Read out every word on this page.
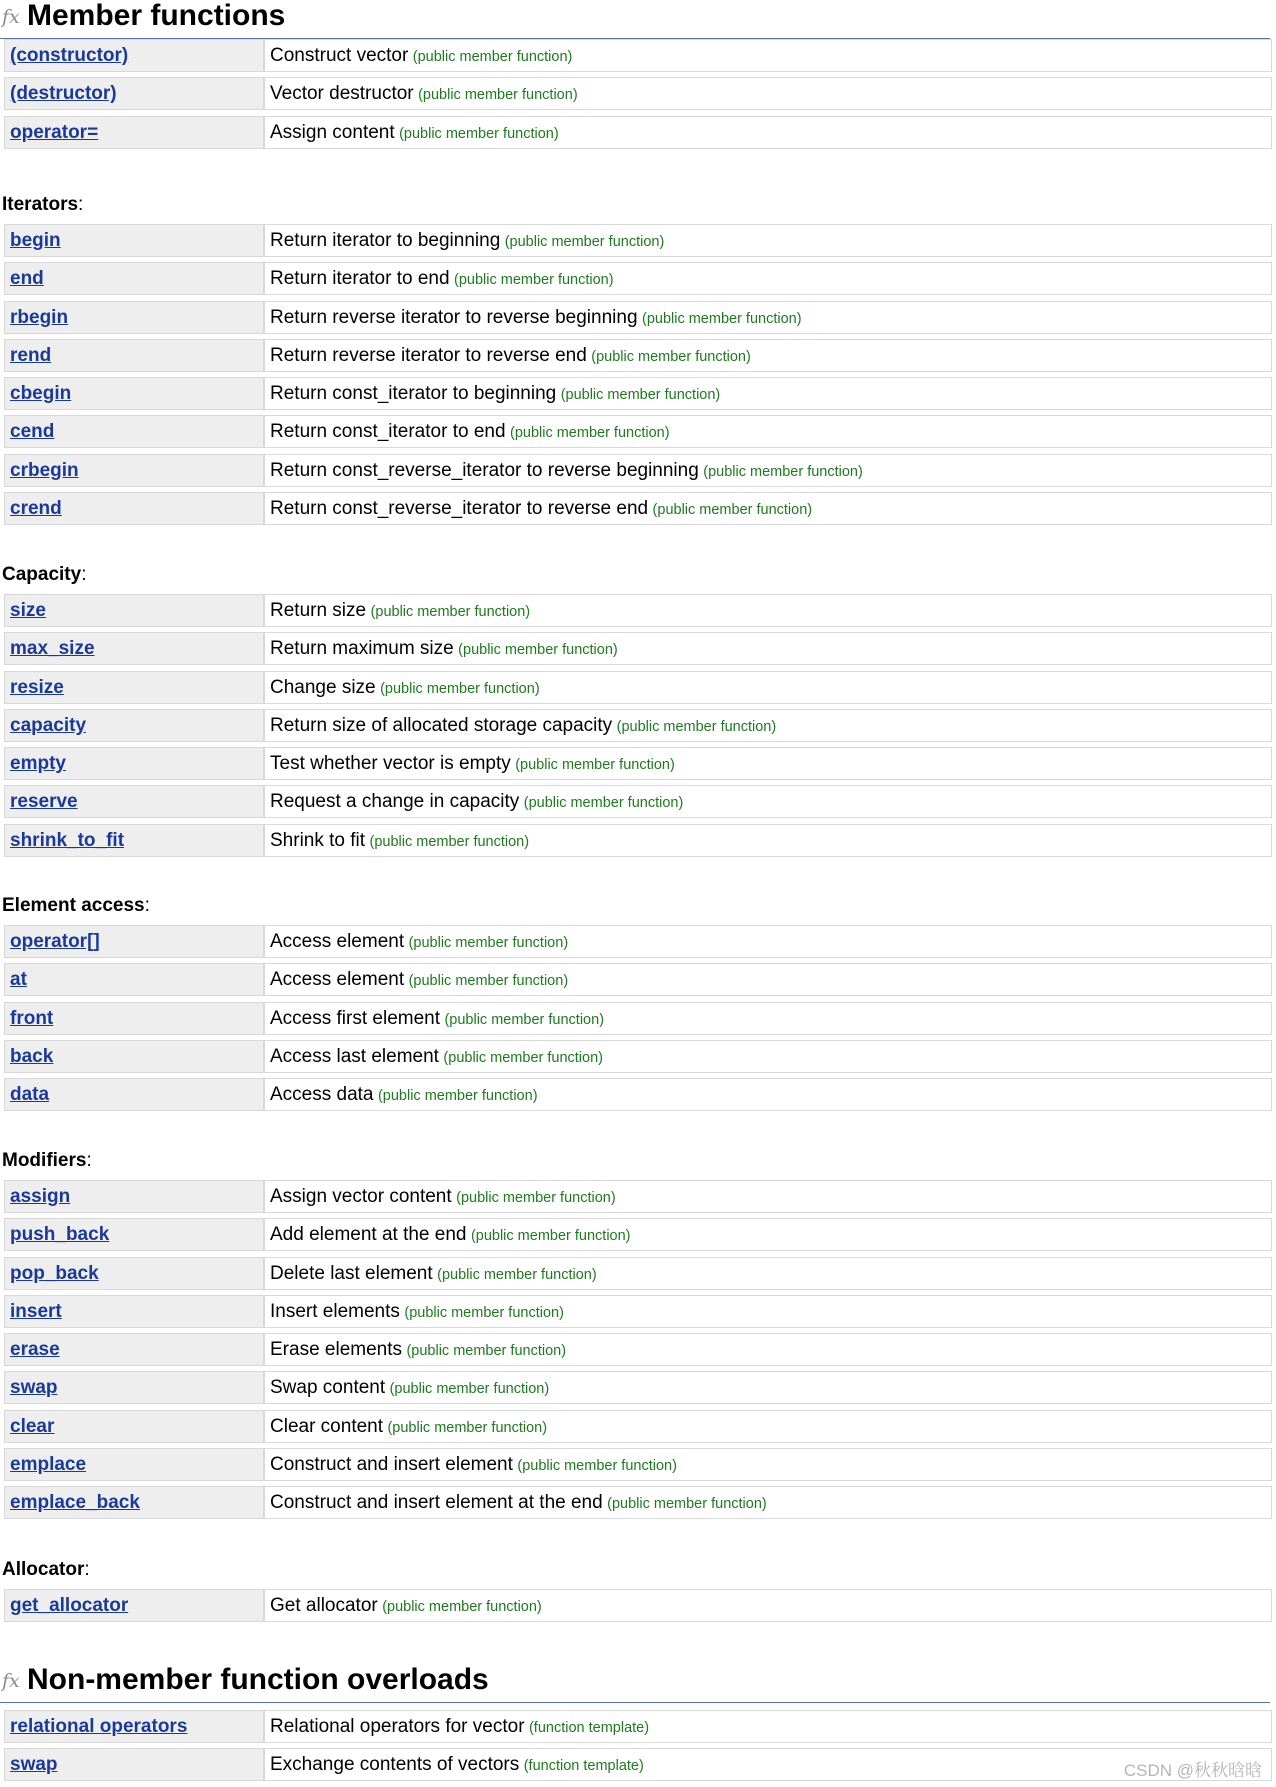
fx Member functions
(constructor)	Construct vector (public member function)
(destructor)	Vector destructor (public member function)
operator=	Assign content (public member function)
Iterators:
begin	Return iterator to beginning (public member function)
end	Return iterator to end (public member function)
rbegin	Return reverse iterator to reverse beginning (public member function)
rend	Return reverse iterator to reverse end (public member function)
cbegin	Return const_iterator to beginning (public member function)
cend	Return const_iterator to end (public member function)
crbegin	Return const_reverse_iterator to reverse beginning (public member function)
crend	Return const_reverse_iterator to reverse end (public member function)
Capacity:
size	Return size (public member function)
max_size	Return maximum size (public member function)
resize	Change size (public member function)
capacity	Return size of allocated storage capacity (public member function)
empty	Test whether vector is empty (public member function)
reserve	Request a change in capacity (public member function)
shrink_to_fit	Shrink to fit (public member function)
Element access:
operator[]	Access element (public member function)
at	Access element (public member function)
front	Access first element (public member function)
back	Access last element (public member function)
data	Access data (public member function)
Modifiers:
assign	Assign vector content (public member function)
push_back	Add element at the end (public member function)
pop_back	Delete last element (public member function)
insert	Insert elements (public member function)
erase	Erase elements (public member function)
swap	Swap content (public member function)
clear	Clear content (public member function)
emplace	Construct and insert element (public member function)
emplace_back	Construct and insert element at the end (public member function)
Allocator:
get_allocator	Get allocator (public member function)
fx Non-member function overloads
relational operators	Relational operators for vector (function template)
swap	Exchange contents of vectors (function template)	CSDN @秋秋晗晗
